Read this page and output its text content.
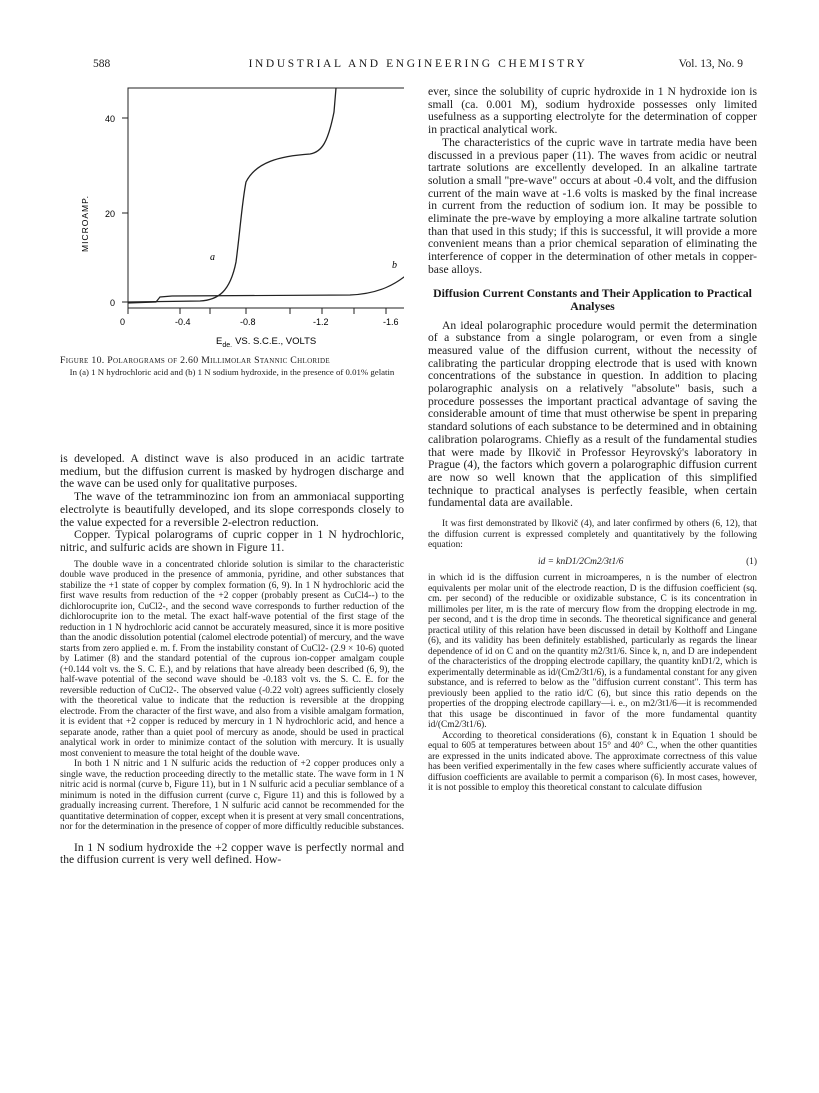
588	INDUSTRIAL AND ENGINEERING CHEMISTRY	Vol. 13, No. 9
40
20
0
MICROAMP.
0	-0.4	-0.8	-1.2	-1.6
$E_{de.}$ VS. S.C.E., VOLTS
a
b
Figure 10. Polarograms of 2.60 Millimolar Stannic Chloride
In (a) 1 N hydrochloric acid and (b) 1 N sodium hydroxide, in the presence of 0.01% gelatin

is developed. A distinct wave is also produced in an acidic tartrate medium, but the diffusion current is masked by hydrogen discharge and the wave can be used only for qualitative purposes.

The wave of the tetramminozinc ion from an ammoniacal supporting electrolyte is beautifully developed, and its slope corresponds closely to the value expected for a reversible 2-electron reduction.

Copper. Typical polarograms of cupric copper in 1 N hydrochloric, nitric, and sulfuric acids are shown in Figure 11.

The double wave in a concentrated chloride solution is similar to the characteristic double wave produced in the presence of ammonia, pyridine, and other substances that stabilize the +1 state of copper by complex formation (6, 9). In 1 N hydrochloric acid the first wave results from reduction of the +2 copper (probably present as CuCl4--) to the dichlorocuprite ion, CuCl2-, and the second wave corresponds to further reduction of the dichlorocuprite ion to the metal. The exact half-wave potential of the first stage of the reduction in 1 N hydrochloric acid cannot be accurately measured, since it is more positive than the anodic dissolution potential (calomel electrode potential) of mercury, and the wave starts from zero applied e. m. f. From the instability constant of CuCl2- (2.9 × 10-6) quoted by Latimer (8) and the standard potential of the cuprous ion-copper amalgam couple (+0.144 volt vs. the S. C. E.), and by relations that have already been described (6, 9), the half-wave potential of the second wave should be -0.183 volt vs. the S. C. E. for the reversible reduction of CuCl2-. The observed value (-0.22 volt) agrees sufficiently closely with the theoretical value to indicate that the reduction is reversible at the dropping electrode. From the character of the first wave, and also from a visible amalgam formation, it is evident that +2 copper is reduced by mercury in 1 N hydrochloric acid, and hence a separate anode, rather than a quiet pool of mercury as anode, should be used in practical analytical work in order to minimize contact of the solution with mercury. It is usually most convenient to measure the total height of the double wave.

In both 1 N nitric and 1 N sulfuric acids the reduction of +2 copper produces only a single wave, the reduction proceeding directly to the metallic state. The wave form in 1 N nitric acid is normal (curve b, Figure 11), but in 1 N sulfuric acid a peculiar semblance of a minimum is noted in the diffusion current (curve c, Figure 11) and this is followed by a gradually increasing current. Therefore, 1 N sulfuric acid cannot be recommended for the quantitative determination of copper, except when it is present at very small concentrations, nor for the determination in the presence of copper of more difficultly reducible substances.

In 1 N sodium hydroxide the +2 copper wave is perfectly normal and the diffusion current is very well defined. How-

ever, since the solubility of cupric hydroxide in 1 N hydroxide ion is small (ca. 0.001 M), sodium hydroxide possesses only limited usefulness as a supporting electrolyte for the determination of copper in practical analytical work.

The characteristics of the cupric wave in tartrate media have been discussed in a previous paper (11). The waves from acidic or neutral tartrate solutions are excellently developed. In an alkaline tartrate solution a small "pre-wave" occurs at about -0.4 volt, and the diffusion current of the main wave at -1.6 volts is masked by the final increase in current from the reduction of sodium ion. It may be possible to eliminate the pre-wave by employing a more alkaline tartrate solution than that used in this study; if this is successful, it will provide a more convenient means than a prior chemical separation of eliminating the interference of copper in the determination of other metals in copper-base alloys.

Diffusion Current Constants and Their Application to Practical Analyses

An ideal polarographic procedure would permit the determination of a substance from a single polarogram, or even from a single measured value of the diffusion current, without the necessity of calibrating the particular dropping electrode that is used with known concentrations of the substance in question. In addition to placing polarographic analysis on a relatively "absolute" basis, such a procedure possesses the important practical advantage of saving the considerable amount of time that must otherwise be spent in preparing standard solutions of each substance to be determined and in obtaining calibration polarograms. Chiefly as a result of the fundamental studies that were made by Ilkovič in Professor Heyrovský's laboratory in Prague (4), the factors which govern a polarographic diffusion current are now so well known that the application of this simplified technique to practical analyses is perfectly feasible, when certain fundamental data are available.

It was first demonstrated by Ilkovič (4), and later confirmed by others (6, 12), that the diffusion current is expressed completely and quantitatively by the following equation:

id = knD1/2Cm2/3t1/6	(1)

in which id is the diffusion current in microamperes, n is the number of electron equivalents per molar unit of the electrode reaction, D is the diffusion coefficient (sq. cm. per second) of the reducible or oxidizable substance, C is its concentration in millimoles per liter, m is the rate of mercury flow from the dropping electrode in mg. per second, and t is the drop time in seconds. The theoretical significance and general practical utility of this relation have been discussed in detail by Kolthoff and Lingane (6), and its validity has been definitely established, particularly as regards the linear dependence of id on C and on the quantity m2/3t1/6. Since k, n, and D are independent of the characteristics of the dropping electrode capillary, the quantity knD1/2, which is experimentally determinable as id/(Cm2/3t1/6), is a fundamental constant for any given substance, and is referred to below as the "diffusion current constant". This term has previously been applied to the ratio id/C (6), but since this ratio depends on the properties of the dropping electrode capillary—i. e., on m2/3t1/6—it is recommended that this usage be discontinued in favor of the more fundamental quantity id/(Cm2/3t1/6).

According to theoretical considerations (6), constant k in Equation 1 should be equal to 605 at temperatures between about 15° and 40° C., when the other quantities are expressed in the units indicated above. The approximate correctness of this value has been verified experimentally in the few cases where sufficiently accurate values of diffusion coefficients are available to permit a comparison (6). In most cases, however, it is not possible to employ this theoretical constant to calculate diffusion
